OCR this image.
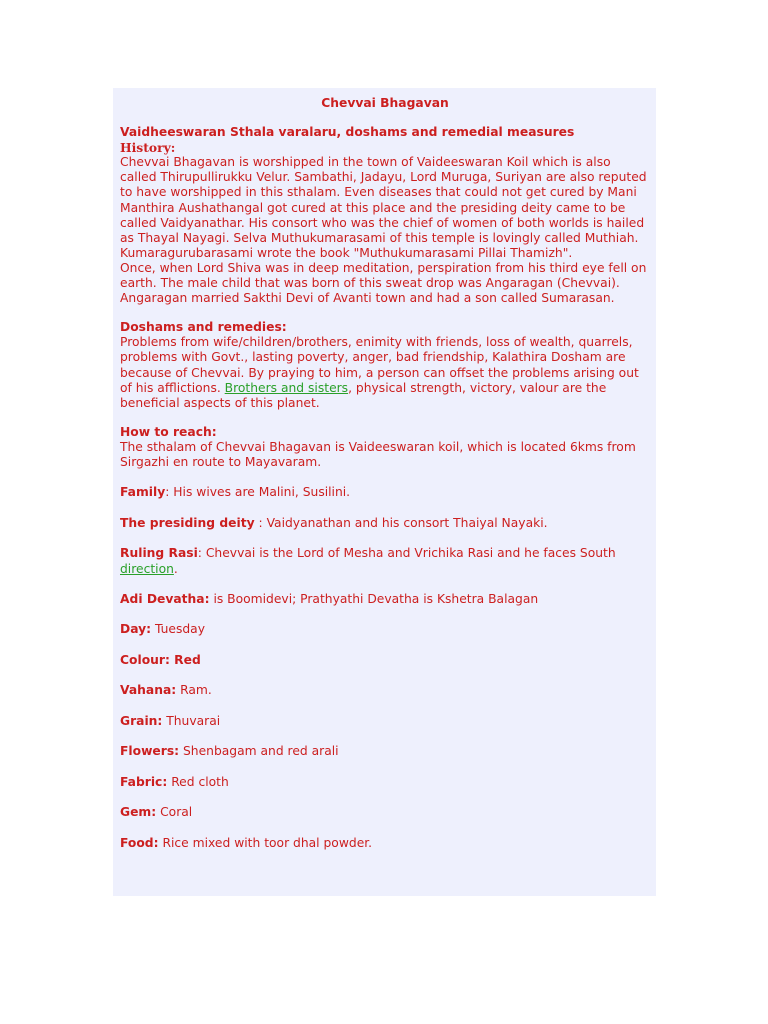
Chevvai Bhagavan
Vaidheeswaran Sthala varalaru, doshams and remedial measures
History:

Chevvai Bhagavan is worshipped in the town of Vaideeswaran Koil which is also called Thirupullirukku Velur. Sambathi, Jadayu, Lord Muruga, Suriyan are also reputed to have worshipped in this sthalam. Even diseases that could not get cured by Mani Manthira Aushathangal got cured at this place and the presiding deity came to be called Vaidyanathar. His consort who was the chief of women of both worlds is hailed as Thayal Nayagi. Selva Muthukumarasami of this temple is lovingly called Muthiah.

Kumaragurubarasami wrote the book "Muthukumarasami Pillai Thamizh".

Once, when Lord Shiva was in deep meditation, perspiration from his third eye fell on earth. The male child that was born of this sweat drop was Angaragan (Chevvai). Angaragan married Sakthi Devi of Avanti town and had a son called Sumarasan.

Doshams and remedies:

Problems from wife/children/brothers, enimity with friends, loss of wealth, quarrels, problems with Govt., lasting poverty, anger, bad friendship, Kalathira Dosham are because of Chevvai. By praying to him, a person can offset the problems arising out of his afflictions. Brothers and sisters, physical strength, victory, valour are the beneficial aspects of this planet.

How to reach:

The sthalam of Chevvai Bhagavan is Vaideeswaran koil, which is located 6kms from Sirgazhi en route to Mayavaram.

Family: His wives are Malini, Susilini.

The presiding deity : Vaidyanathan and his consort Thaiyal Nayaki.

Ruling Rasi: Chevvai is the Lord of Mesha and Vrichika Rasi and he faces South direction.

Adi Devatha: is Boomidevi; Prathyathi Devatha is Kshetra Balagan

Day: Tuesday

Colour: Red

Vahana: Ram.

Grain: Thuvarai

Flowers: Shenbagam and red arali

Fabric: Red cloth

Gem: Coral

Food: Rice mixed with toor dhal powder.
